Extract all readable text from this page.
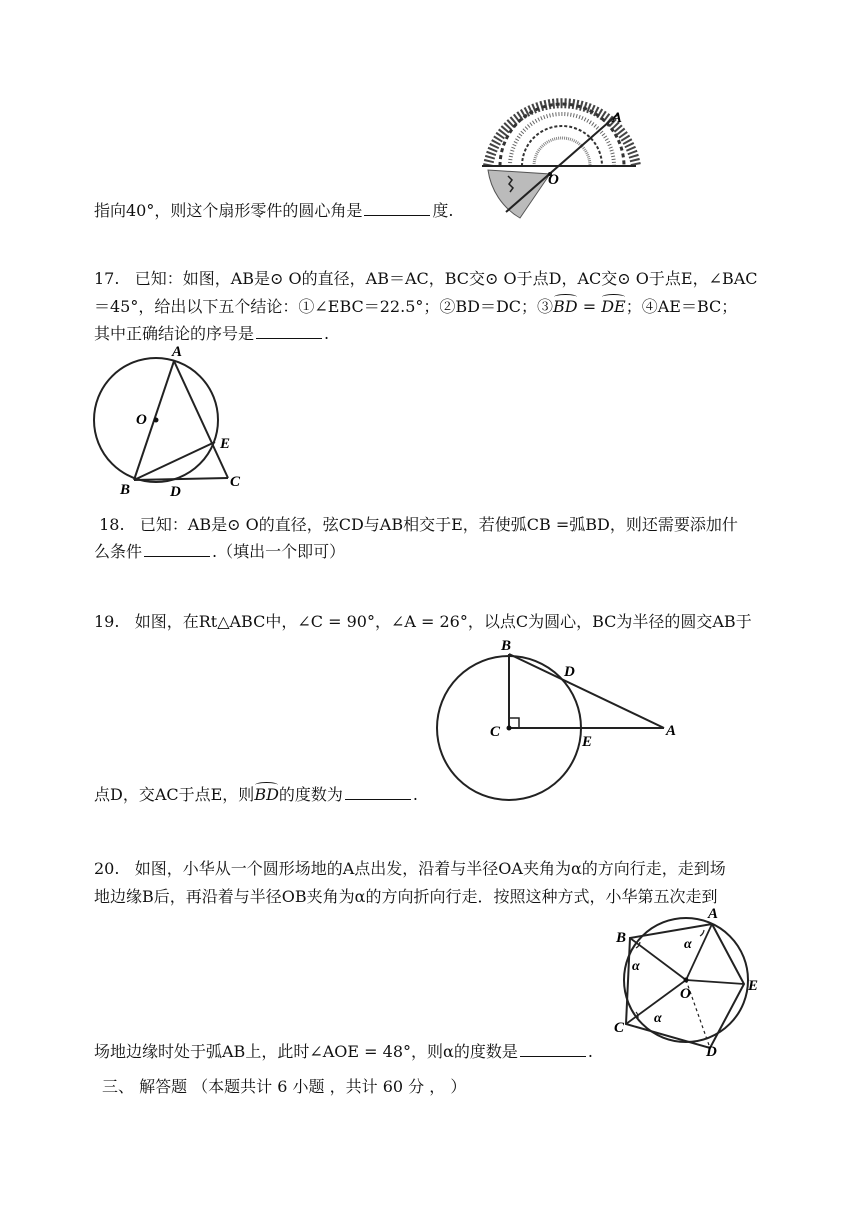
指向40°，则这个扇形零件的圆心角是	度.
A
O
17. 已知：如图，AB是⊙ O的直径，AB＝AC，BC交⊙ O于点D，AC交⊙ O于点E，∠BAC
＝45°，给出以下五个结论：①∠EBC＝22.5°；②BD＝DC；③BD = DE；④AE＝BC；
其中正确结论的序号是	.
A
O
E
B	D
C
18. 已知：AB是⊙ O的直径，弦CD与AB相交于E，若使弧CB =弧BD，则还需要添加什
么条件	.（填出一个即可）
19. 如图，在Rt△ABC中，∠C = 90°，∠A = 26°，以点C为圆心，BC为半径的圆交AB于
B
D
C
E
A
点D，交AC于点E，则BD的度数为	.
20. 如图，小华从一个圆形场地的A点出发，沿着与半径OA夹角为α的方向行走，走到场
地边缘B后，再沿着与半径OB夹角为α的方向折向行走．按照这种方式，小华第五次走到
A
B
O	E
C
D
α
α
α
场地边缘时处于弧AB上，此时∠AOE = 48°，则α的度数是	.
三、 解答题 （本题共计 6 小题 ，共计 60 分 ， ）
